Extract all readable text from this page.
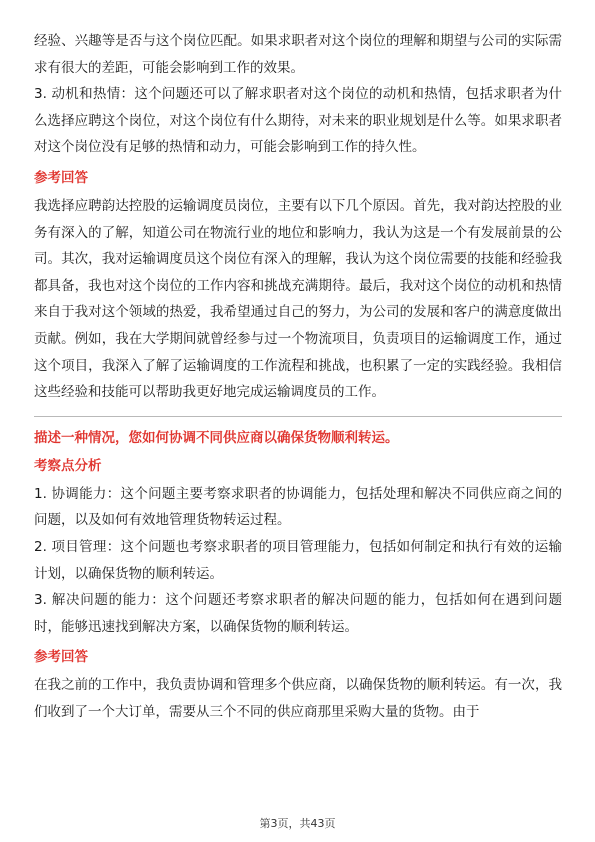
经验、兴趣等是否与这个岗位匹配。如果求职者对这个岗位的理解和期望与公司的实际需求有很大的差距，可能会影响到工作的效果。

3. 动机和热情：这个问题还可以了解求职者对这个岗位的动机和热情，包括求职者为什么选择应聘这个岗位，对这个岗位有什么期待，对未来的职业规划是什么等。如果求职者对这个岗位没有足够的热情和动力，可能会影响到工作的持久性。

参考回答

我选择应聘韵达控股的运输调度员岗位，主要有以下几个原因。首先，我对韵达控股的业务有深入的了解，知道公司在物流行业的地位和影响力，我认为这是一个有发展前景的公司。其次，我对运输调度员这个岗位有深入的理解，我认为这个岗位需要的技能和经验我都具备，我也对这个岗位的工作内容和挑战充满期待。最后，我对这个岗位的动机和热情来自于我对这个领域的热爱，我希望通过自己的努力，为公司的发展和客户的满意度做出贡献。例如，我在大学期间就曾经参与过一个物流项目，负责项目的运输调度工作，通过这个项目，我深入了解了运输调度的工作流程和挑战，也积累了一定的实践经验。我相信这些经验和技能可以帮助我更好地完成运输调度员的工作。

描述一种情况，您如何协调不同供应商以确保货物顺利转运。

考察点分析

1. 协调能力：这个问题主要考察求职者的协调能力，包括处理和解决不同供应商之间的问题，以及如何有效地管理货物转运过程。

2. 项目管理：这个问题也考察求职者的项目管理能力，包括如何制定和执行有效的运输计划，以确保货物的顺利转运。

3. 解决问题的能力：这个问题还考察求职者的解决问题的能力，包括如何在遇到问题时，能够迅速找到解决方案，以确保货物的顺利转运。

参考回答

在我之前的工作中，我负责协调和管理多个供应商，以确保货物的顺利转运。有一次，我们收到了一个大订单，需要从三个不同的供应商那里采购大量的货物。由于

第3页，共43页
